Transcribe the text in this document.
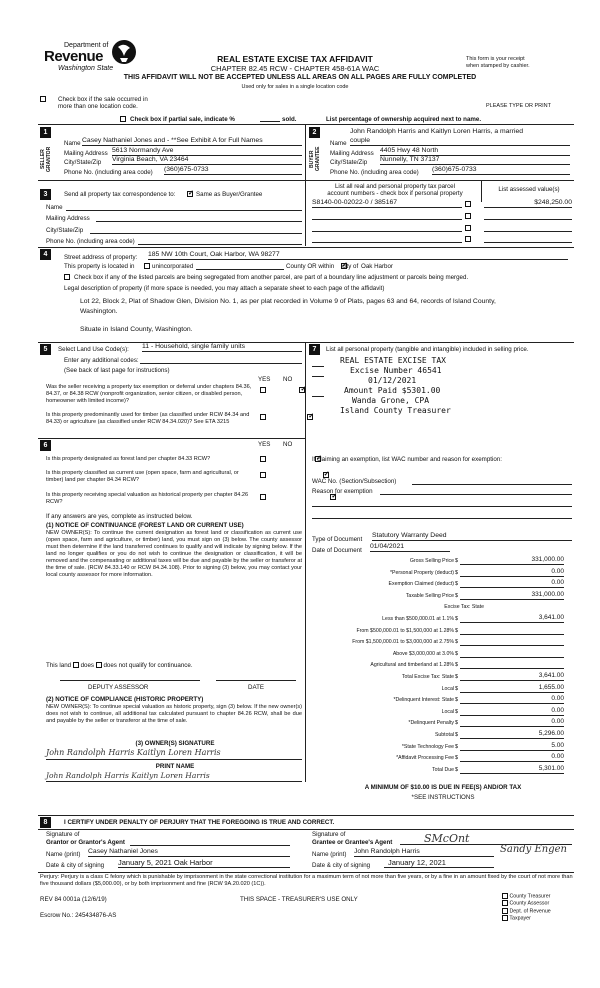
Department of
Revenue
Washington State
REAL ESTATE EXCISE TAX AFFIDAVIT
CHAPTER 82.45 RCW - CHAPTER 458-61A WAC
THIS AFFIDAVIT WILL NOT BE ACCEPTED UNLESS ALL AREAS ON ALL PAGES ARE FULLY COMPLETED
Used only for sales in a single location code
This form is your receipt
when stamped by cashier.
Check box if the sale occurred in
more than one location code.	PLEASE TYPE OR PRINT
Check box if partial sale, indicate %	sold.	List percentage of ownership acquired next to name.
1
SELLER GRANTOR
Name Casey Nathaniel Jones and - **See Exhibit A for Full Names
Mailing Address 5613 Normandy Ave
City/State/Zip Virginia Beach, VA 23464
Phone No. (including area code) (360)675-0733
2
BUYER GRANTEE
John Randolph Harris and Kaitlyn Loren Harris, a married
Name couple
Mailing Address 4405 Hwy 48 North
City/State/Zip Nunnelly, TN 37137
Phone No. (including area code) (360)675-0733
3	Send all property tax correspondence to: ✓	Same as Buyer/Grantee
Name
Mailing Address
City/State/Zip
Phone No. (including area code)
List all real and personal property tax parcel
account numbers - check box if personal property
List assessed value(s)
S8140-00-02022-0 / 385167	$248,250.00
4	Street address of property: 185 NW 10th Court, Oak Harbor, WA 98277
This property is located in	unincorporated	County OR within ✓ city of Oak Harbor
Check box if any of the listed parcels are being segregated from another parcel, are part of a boundary line adjustment or parcels being merged.
Legal description of property (if more space is needed, you may attach a separate sheet to each page of the affidavit)
Lot 22, Block 2, Plat of Shadow Glen, Division No. 1, as per plat recorded in Volume 9 of Plats, pages 63 and 64, records of Island County,
Washington.
Situate in Island County, Washington.
5	Select Land Use Code(s): 11 - Household, single family units
Enter any additional codes:
(See back of last page for instructions)
YES NO
Was the seller receiving a property tax exemption or deferral under chapters 84.36, 84.37, or 84.38 RCW (nonprofit organization, senior citizen, or disabled person, homeowner with limited income)?
✓
Is this property predominantly used for timber (as classified under RCW 84.34 and 84.33) or agriculture (as classified under RCW 84.34.020)? See ETA 3215
✓
7	List all personal property (tangible and intangible) included in selling price.
REAL ESTATE EXCISE TAX
Excise Number 46541
01/12/2021
Amount Paid $5301.00
Wanda Grone, CPA
Island County Treasurer
6	YES NO
Is this property designated as forest land per chapter 84.33 RCW?
✓
Is this property classified as current use (open space, farm and agricultural, or timber) land per chapter 84.34 RCW?
✓
Is this property receiving special valuation as historical property per chapter 84.26 RCW?
✓
If any answers are yes, complete as instructed below.
(1) NOTICE OF CONTINUANCE (FOREST LAND OR CURRENT USE)
NEW OWNER(S): To continue the current designation as forest land or classification as current use (open space, farm and agriculture, or timber) land, you must sign on (3) below. The county assessor must then determine if the land transferred continues to qualify and will indicate by signing below. If the land no longer qualifies or you do not wish to continue the designation or classification, it will be removed and the compensating or additional taxes will be due and payable by the seller or transferor at the time of sale. (RCW 84.33.140 or RCW 84.34.108). Prior to signing (3) below, you may contact your local county assessor for more information.
This land does does not qualify for continuance.
DEPUTY ASSESSOR	DATE
(2) NOTICE OF COMPLIANCE (HISTORIC PROPERTY)
NEW OWNER(S): To continue special valuation as historic property, sign (3) below. If the new owner(s) does not wish to continue, all additional tax calculated pursuant to chapter 84.26 RCW, shall be due and payable by the seller or transferor at the time of sale.
(3) OWNER(S) SIGNATURE
John Randolph Harris Kaitlyn Loren Harris
PRINT NAME
John Randolph Harris Kaitlyn Loren Harris
If claiming an exemption, list WAC number and reason for exemption:
WAC No. (Section/Subsection)
Reason for exemption
Type of Document
Statutory Warranty Deed
Date of Document
01/04/2021
Gross Selling Price $	331,000.00
*Personal Property (deduct) $	0.00
Exemption Claimed (deduct) $	0.00
Taxable Selling Price $	331,000.00
Excise Tax: State
Less than $500,000.01 at 1.1% $	3,641.00
From $500,000.01 to $1,500,000 at 1.28% $
From $1,500,000.01 to $3,000,000 at 2.75% $
Above $3,000,000 at 3.0% $
Agricultural and timberland at 1.28% $
Total Excise Tax: State $	3,641.00
Local $	1,655.00
*Delinquent Interest: State $	0.00
Local $	0.00
*Delinquent Penalty $	0.00
Subtotal $	5,296.00
*State Technology Fee $	5.00
*Affidavit Processing Fee $	0.00
Total Due $	5,301.00
A MINIMUM OF $10.00 IS DUE IN FEE(S) AND/OR TAX
*SEE INSTRUCTIONS
8	I CERTIFY UNDER PENALTY OF PERJURY THAT THE FOREGOING IS TRUE AND CORRECT.
Signature of
Grantor or Grantor's Agent
Name (print) Casey Nathaniel Jones
Date & city of signing January 5, 2021 Oak Harbor
Signature of
Grantee or Grantee's Agent	SMcOnt
Name (print) John Randolph Harris	Sandy Engen
Date & city of signing	January 12, 2021
Perjury: Perjury is a class C felony which is punishable by imprisonment in the state correctional institution for a maximum term of not more than five years, or by a fine in an amount fixed by the court of not more than five thousand dollars ($5,000.00), or by both imprisonment and fine (RCW 9A.20.020 (1C)).
REV 84 0001a (12/6/19)	THIS SPACE - TREASURER'S USE ONLY
Escrow No.: 245434876-AS
County Treasurer
County Assessor
Dept. of Revenue
Taxpayer
